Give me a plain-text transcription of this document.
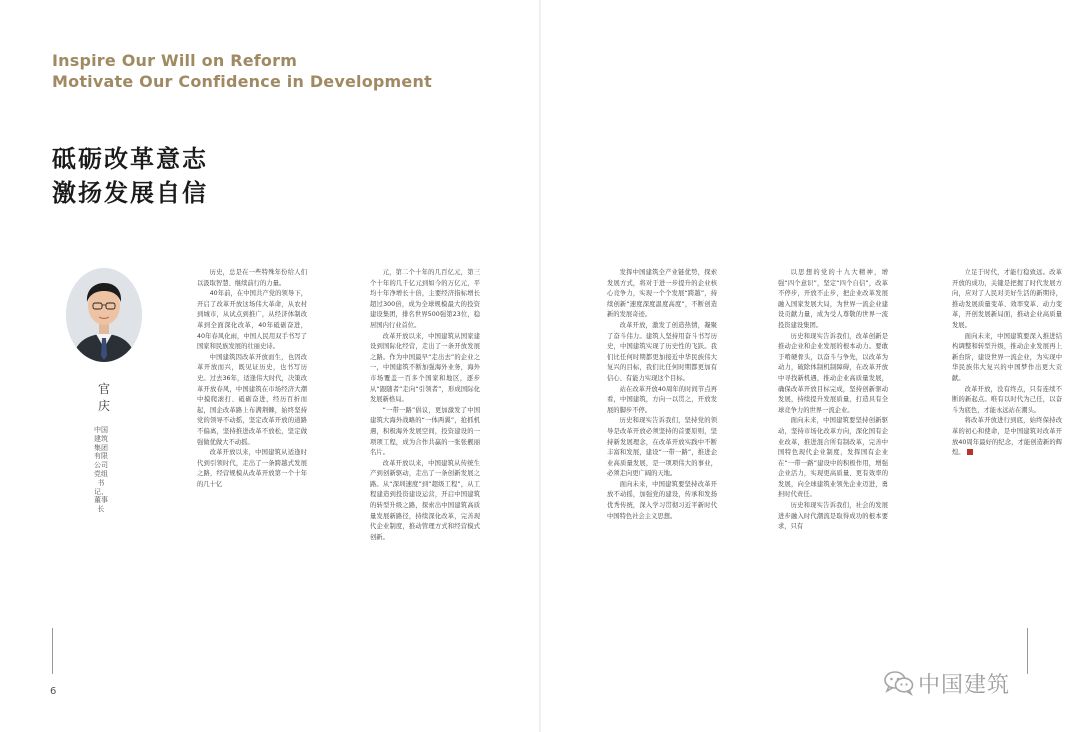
Inspire Our Will on Reform
Motivate Our Confidence in Development
砥砺改革意志
激扬发展自信
官庆
中国建筑集团有限公司党组书记、董事长

历史，总是在一些特殊年份给人们以汲取智慧、继续前行的力量。

40年前，在中国共产党的领导下，开启了改革开放这场伟大革命，从农村到城市，从试点到推广，从经济体制改革到全面深化改革，40年砥砺奋进，40年春风化雨，中国人民用双手书写了国家和民族发展的壮丽史诗。

中国建筑因改革开放而生，也因改革开放而兴，既见证历史，也书写历史。过去36年，适逢伟大时代，决策改革开放春风，中国建筑在市场经济大潮中摸爬滚打、砥砺奋进，经历百折而起，国企改革路上布满荆棘，始终坚持党的领导不动摇，坚定改革开放的道路不偏离，坚持推进改革不放松，坚定做强做优做大不动摇。

改革开放以来，中国建筑从适逢时代到引领时代，走出了一条跨越式发展之路，经营规模从改革开放第一个十年的几十亿

元，第二个十年的几百亿元，第三个十年的几千亿元到如今的万亿元，平均十年净增长十倍，主要经济指标增长超过300倍，成为全球规模最大的投资建设集团，排名世界500强第23位，稳居国内行业首位。

改革开放以来，中国建筑从国家建设到国际化经营，走出了一条开放发展之路。作为中国最早“走出去”的企业之一，中国建筑不断加强海外业务，海外市场覆盖一百多个国家和地区，逐步从“跟随者”走向“引领者”，形成国际化发展新格局。

“一带一路”倡议，更加激发了中国建筑大海外战略的“一体两翼”，抢抓机遇，积极海外发展空间，投资建设的一项项工程，成为合作共赢的一张张靓丽名片。

改革开放以来，中国建筑从传统生产到创新驱动，走出了一条创新发展之路。从“深圳速度”到“超级工程”，从工程建造到投资建设运营，开启中国建筑的转型升级之路，探索出中国建筑高质量发展新路径，持续深化改革，完善现代企业制度，推动管理方式和经营模式创新。

发挥中国建筑全产业链优势，探索发展方式，将对于进一步提升的企业核心竞争力，实现一个个发展“跨越”，持续创新“速度深度温度高度”，不断创造新的发展奇迹。

改革开放，激发了创造热情，凝聚了奋斗伟力。建筑人坚持用奋斗书写历史，中国建筑实现了历史性的飞跃。我们比任何时期都更加接近中华民族伟大复兴的目标，我们比任何时期都更加有信心、有能力实现这个目标。

站在改革开放40周年的时间节点再看，中国建筑，方向一以贯之，开放发展的脚步不停。

历史和现实告诉我们，坚持党的领导是改革开放必须坚持的首要原则，坚持新发展理念，在改革开放实践中不断丰富和发展，建设“一带一路”，推进企业高质量发展，是一项项伟大的事业，必须走向更广阔的天地。

面向未来，中国建筑要坚持改革开放不动摇，加强党的建设，传承和发扬优秀传统，深入学习贯彻习近平新时代中国特色社会主义思想。

以思想的党的十九大精神，增强“四个意识”，坚定“四个自信”，改革不停步，开放不止步，把企业改革发展融入国家发展大局，为世界一流企业建设贡献力量，成为受人尊敬的世界一流投资建设集团。

历史和现实告诉我们，改革创新是推动企业和企业发展的根本动力。要敢于啃硬骨头，以奋斗与争先，以改革为动力，破除体制机制障碍，在改革开放中寻找新机遇，推动企业高质量发展，确保改革开放目标完成，坚持创新驱动发展，持续提升发展质量，打造具有全球竞争力的世界一流企业。

面向未来，中国建筑要坚持创新驱动，坚持市场化改革方向，深化国有企业改革，推进混合所有制改革，完善中国特色现代企业制度，发挥国有企业在“一带一路”建设中的积极作用，增强企业活力，实现更高质量、更有效率的发展，向全球建筑业领先企业迈进，勇担时代责任。

历史和现实告诉我们，社会的发展进步融入时代潮流是取得成功的根本要求，只有

立足于时代，才能行稳致远。改革开放的成功，关键是把握了时代发展方向，应对了人民对美好生活的新期待，推动发展质量变革、效率变革、动力变革，开创发展新局面，推动企业高质量发展。

面向未来，中国建筑要深入推进结构调整和转型升级，推动企业发展再上新台阶，建设世界一流企业，为实现中华民族伟大复兴的中国梦作出更大贡献。

改革开放，没有终点，只有连续不断的新起点。唯有以时代为己任，以奋斗为底色，才能永远站在潮头。

将改革开放进行到底，始终保持改革的初心和使命，是中国建筑对改革开放40周年最好的纪念，才能创造新的辉煌。

6	中国建筑
